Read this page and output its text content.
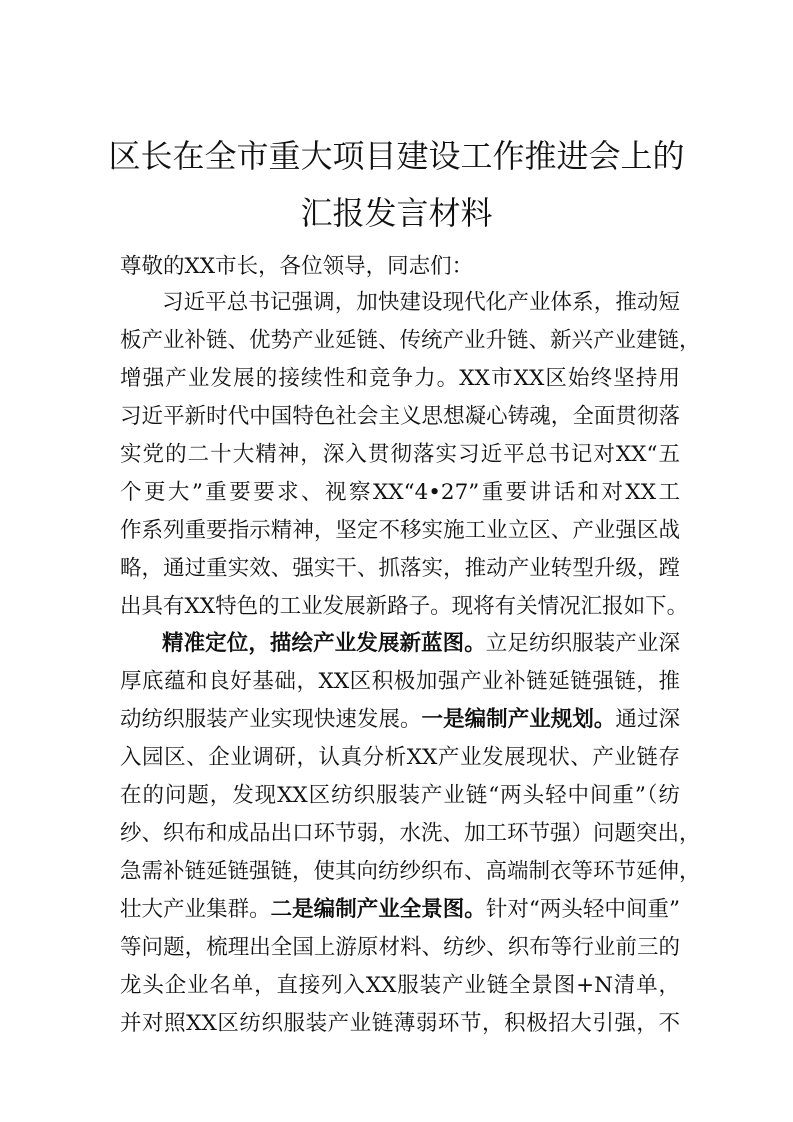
区长在全市重大项目建设工作推进会上的
汇报发言材料
尊敬的XX市长，各位领导，同志们：
习近平总书记强调，加快建设现代化产业体系，推动短
板产业补链、优势产业延链、传统产业升链、新兴产业建链，
增强产业发展的接续性和竞争力。XX市XX区始终坚持用
习近平新时代中国特色社会主义思想凝心铸魂，全面贯彻落
实党的二十大精神，深入贯彻落实习近平总书记对XX“五
个更大”重要要求、视察XX“4•27”重要讲话和对XX工
作系列重要指示精神，坚定不移实施工业立区、产业强区战
略，通过重实效、强实干、抓落实，推动产业转型升级，蹚
出具有XX特色的工业发展新路子。现将有关情况汇报如下。
精准定位，描绘产业发展新蓝图。立足纺织服装产业深
厚底蕴和良好基础，XX区积极加强产业补链延链强链，推
动纺织服装产业实现快速发展。一是编制产业规划。通过深
入园区、企业调研，认真分析XX产业发展现状、产业链存
在的问题，发现XX区纺织服装产业链“两头轻中间重”（纺
纱、织布和成品出口环节弱，水洗、加工环节强）问题突出，
急需补链延链强链，使其向纺纱织布、高端制衣等环节延伸，
壮大产业集群。二是编制产业全景图。针对“两头轻中间重”
等问题，梳理出全国上游原材料、纺纱、织布等行业前三的
龙头企业名单，直接列入XX服装产业链全景图+N清单，
并对照XX区纺织服装产业链薄弱环节，积极招大引强，不
